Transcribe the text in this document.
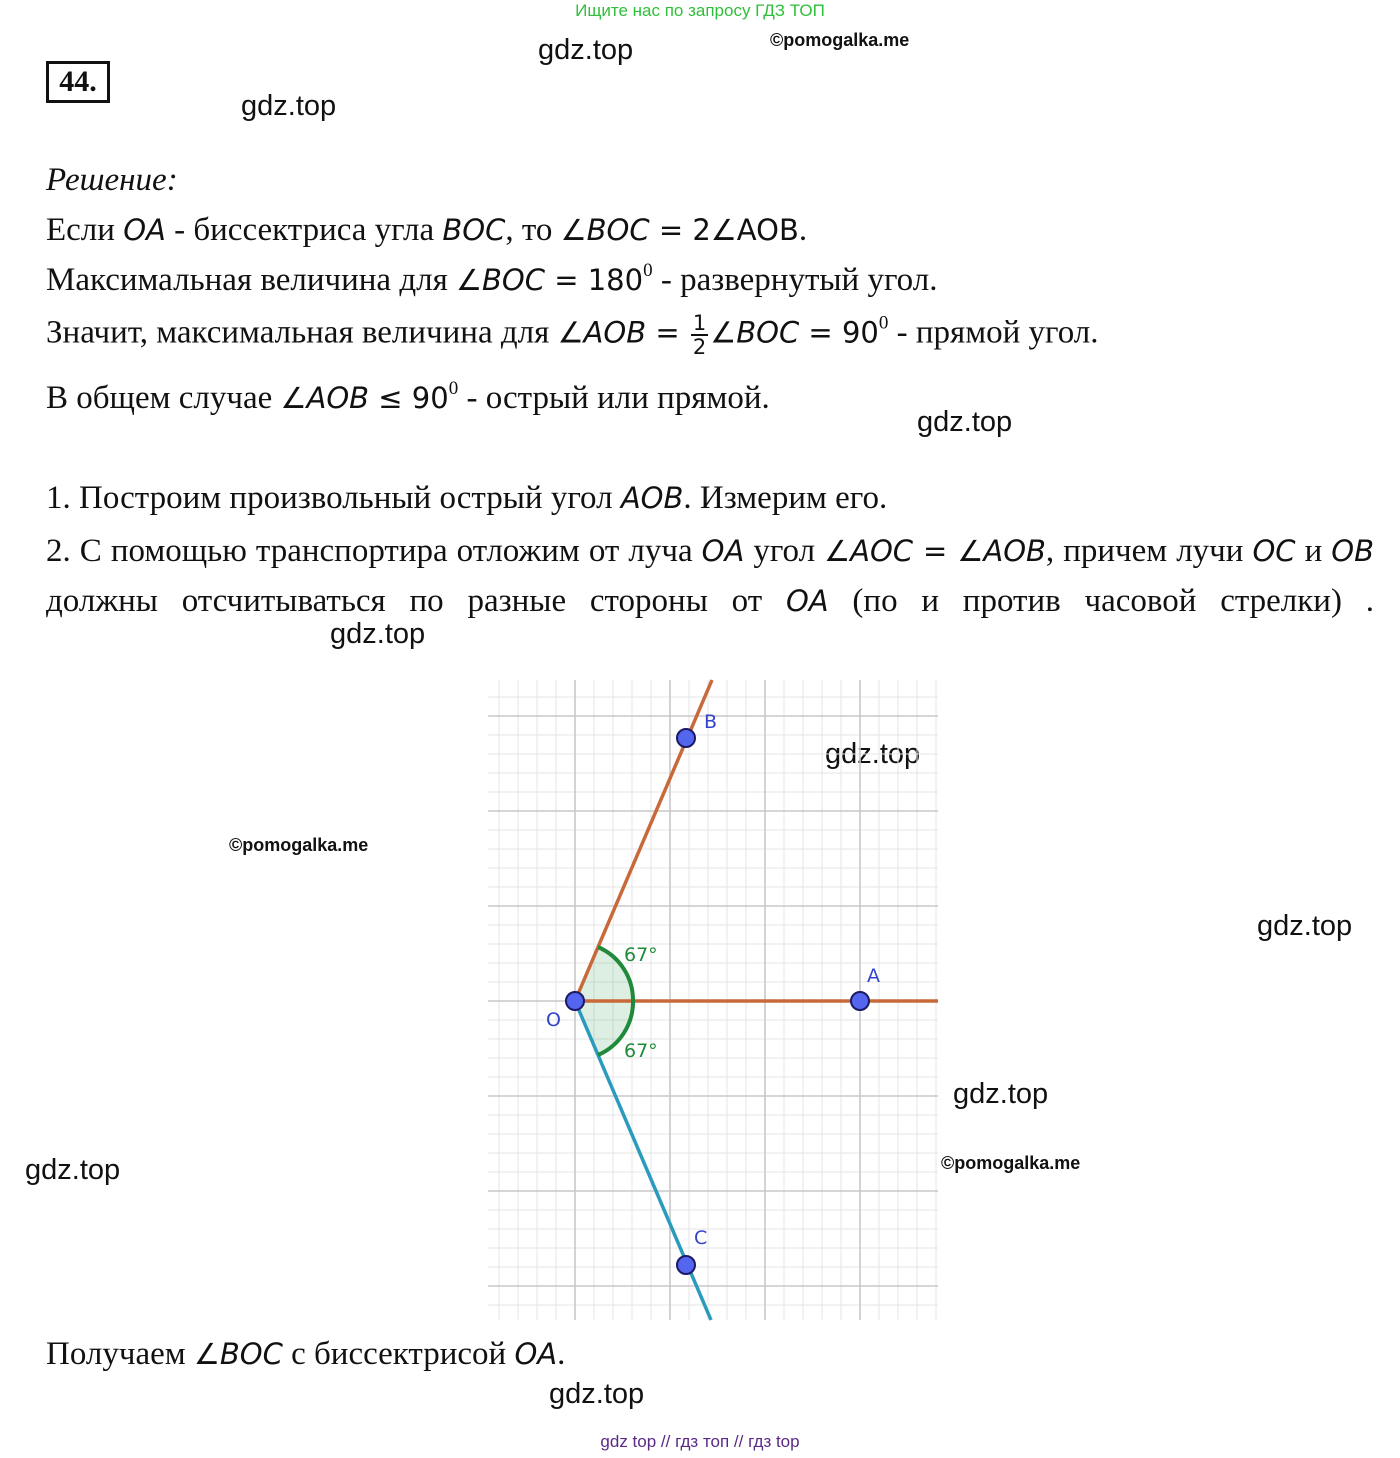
Ищите нас по запросу ГДЗ ТОП
gdz.top	©pomogalka.me
gdz.top
gdz.top
gdz.top
gdz.top
©pomogalka.me
gdz.top
gdz.top
©pomogalka.me
gdz.top
gdz.top
44.
Решение:
Если OA - биссектриса угла BOC, то ∠BOC = 2∠AOB.
Максимальная величина для ∠BOC = $180^0$ - развернутый угол.
Значит, максимальная величина для ∠AOB = $\frac{1}{2}$ ∠BOC = $90^0$ - прямой угол.
В общем случае ∠AOB ≤ $90^0$ - острый или прямой.
1. Построим произвольный острый угол AOB. Измерим его.
2. С помощью транспортира отложим от луча OA угол ∠AOC = ∠AOB, причем лучи OC и OB должны отсчитываться по разные стороны от OA (по и против часовой стрелки) .
67°
67°
O
A
B
C
Получаем ∠BOC с биссектрисой OA.
gdz top // гдз топ // гдз top
